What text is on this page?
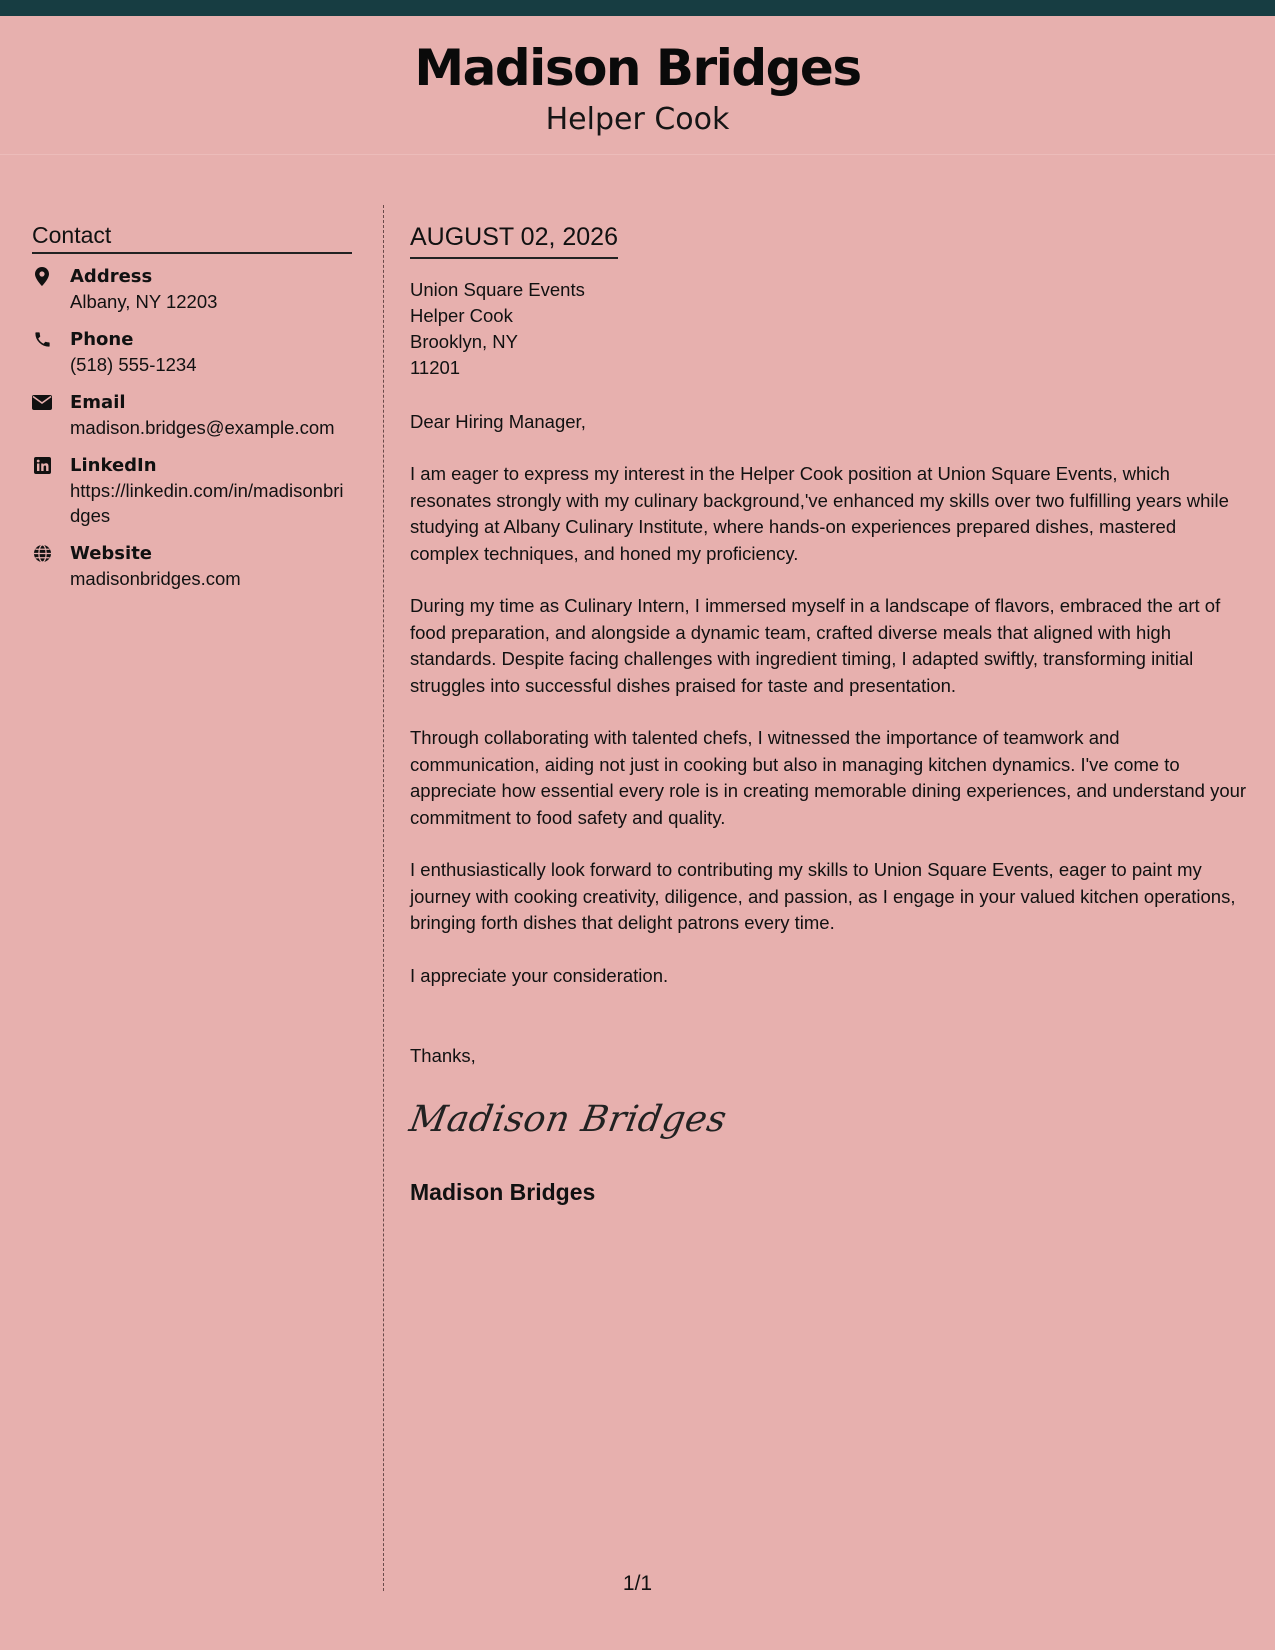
Madison Bridges
Helper Cook
Contact
Address
Albany, NY 12203
Phone
(518) 555-1234
Email
madison.bridges@example.com
LinkedIn
https://linkedin.com/in/madisonbridges
Website
madisonbridges.com
AUGUST 02, 2026
Union Square Events
Helper Cook
Brooklyn, NY
11201
Dear Hiring Manager,
I am eager to express my interest in the Helper Cook position at Union Square Events, which resonates strongly with my culinary background,'ve enhanced my skills over two fulfilling years while studying at Albany Culinary Institute, where hands-on experiences prepared dishes, mastered complex techniques, and honed my proficiency.
During my time as Culinary Intern, I immersed myself in a landscape of flavors, embraced the art of food preparation, and alongside a dynamic team, crafted diverse meals that aligned with high standards. Despite facing challenges with ingredient timing, I adapted swiftly, transforming initial struggles into successful dishes praised for taste and presentation.
Through collaborating with talented chefs, I witnessed the importance of teamwork and communication, aiding not just in cooking but also in managing kitchen dynamics. I've come to appreciate how essential every role is in creating memorable dining experiences, and understand your commitment to food safety and quality.
I enthusiastically look forward to contributing my skills to Union Square Events, eager to paint my journey with cooking creativity, diligence, and passion, as I engage in your valued kitchen operations, bringing forth dishes that delight patrons every time.
I appreciate your consideration.
Thanks,
Madison Bridges
Madison Bridges
1/1
